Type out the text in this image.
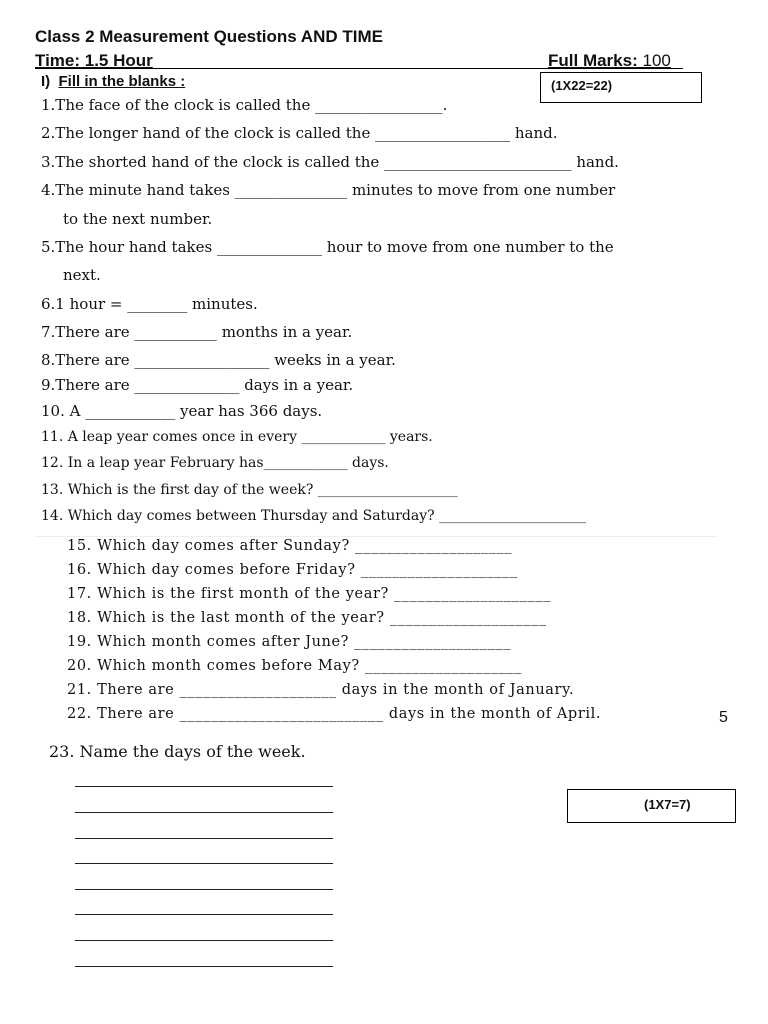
Class 2 Measurement Questions AND TIME
Time: 1.5 Hour	Full Marks: 100
(1X22=22)
I) Fill in the blanks :
1.The face of the clock is called the _________________.
2.The longer hand of the clock is called the __________________ hand.
3.The shorted hand of the clock is called the _________________________ hand.
4.The minute hand takes _______________ minutes to move from one number
to the next number.
5.The hour hand takes ______________ hour to move from one number to the
next.
6.1 hour = ________ minutes.
7.There are ___________ months in a year.
8.There are __________________ weeks in a year.
9.There are ______________ days in a year.
10. A ____________ year has 366 days.
11. A leap year comes once in every ____________ years.
12. In a leap year February has____________ days.
13. Which is the first day of the week? ____________________
14. Which day comes between Thursday and Saturday? _____________________
15. Which day comes after Sunday? ____________________
16. Which day comes before Friday? ____________________
17. Which is the first month of the year? ____________________
18. Which is the last month of the year? ____________________
19. Which month comes after June? ____________________
20. Which month comes before May? ____________________
21. There are ____________________ days in the month of January.
22. There are __________________________ days in the month of April.	5
23. Name the days of the week.
(1X7=7)
